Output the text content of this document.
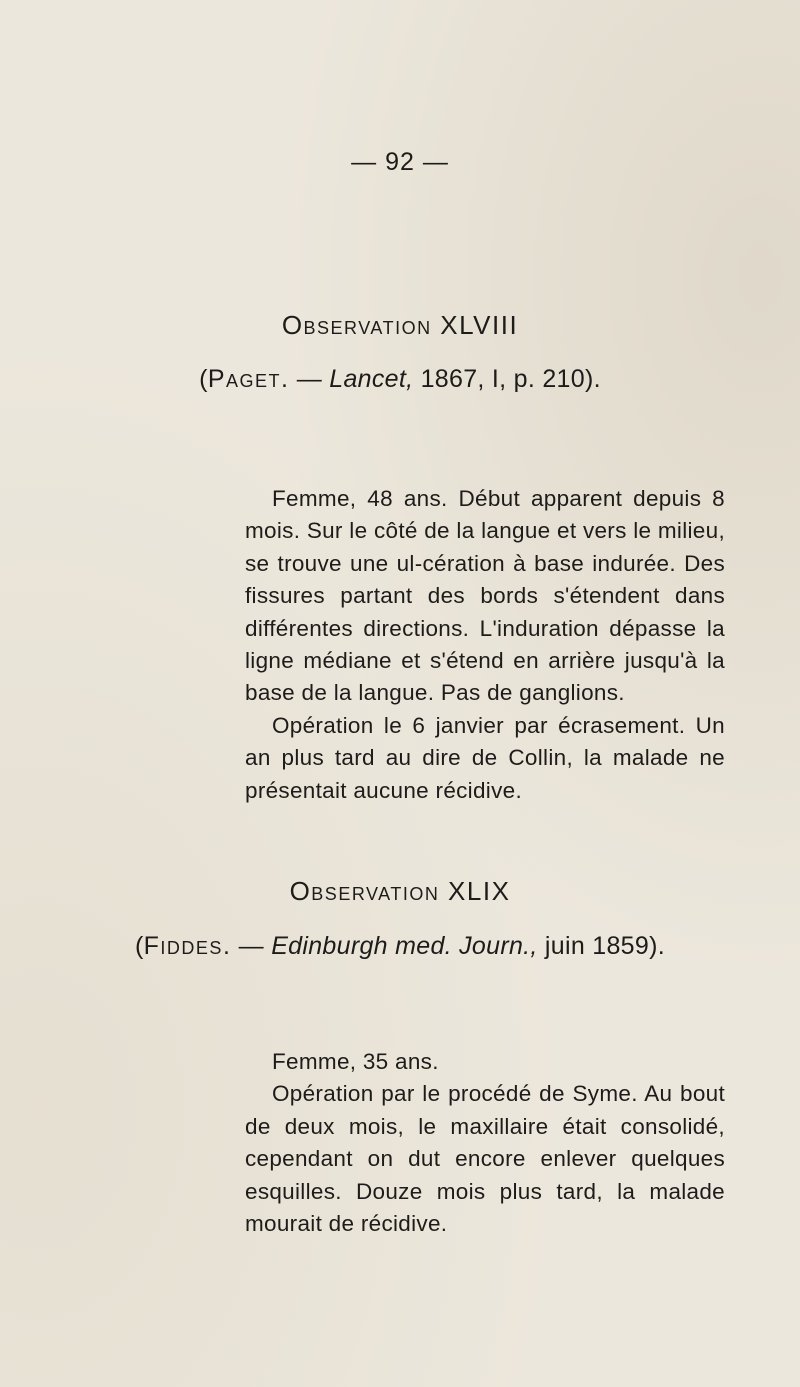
— 92 —
Observation XLVIII
(Paget. — Lancet, 1867, I, p. 210).

Femme, 48 ans. Début apparent depuis 8 mois. Sur le côté de la langue et vers le milieu, se trouve une ul-cération à base indurée. Des fissures partant des bords s'étendent dans différentes directions. L'induration dépasse la ligne médiane et s'étend en arrière jusqu'à la base de la langue. Pas de ganglions.

Opération le 6 janvier par écrasement. Un an plus tard au dire de Collin, la malade ne présentait aucune récidive.

Observation XLIX
(Fiddes. — Edinburgh med. Journ., juin 1859).

Femme, 35 ans.

Opération par le procédé de Syme. Au bout de deux mois, le maxillaire était consolidé, cependant on dut encore enlever quelques esquilles. Douze mois plus tard, la malade mourait de récidive.
